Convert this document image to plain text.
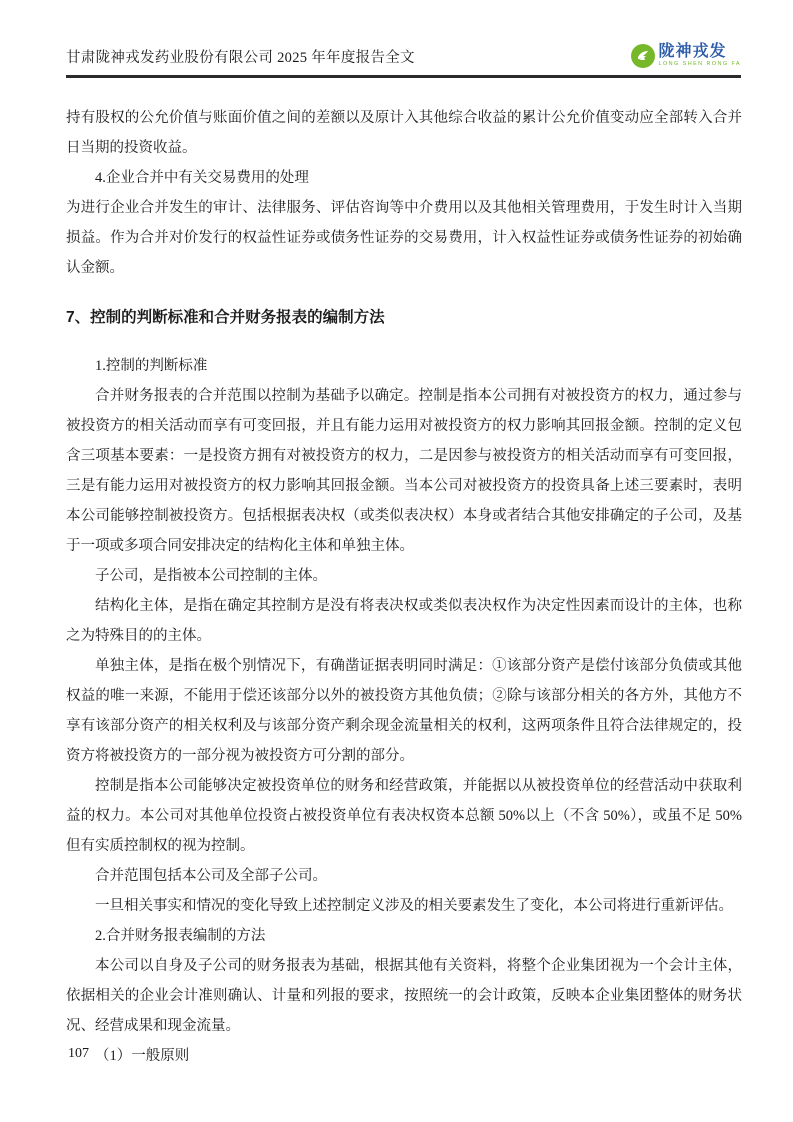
甘肃陇神戎发药业股份有限公司 2025 年年度报告全文	陇神戎发
LONG SHEN RONG FA

持有股权的公允价值与账面价值之间的差额以及原计入其他综合收益的累计公允价值变动应全部转入合并日当期的投资收益。

4.企业合并中有关交易费用的处理

为进行企业合并发生的审计、法律服务、评估咨询等中介费用以及其他相关管理费用，于发生时计入当期损益。作为合并对价发行的权益性证券或债务性证券的交易费用，计入权益性证券或债务性证券的初始确认金额。

7、控制的判断标准和合并财务报表的编制方法

1.控制的判断标准

合并财务报表的合并范围以控制为基础予以确定。控制是指本公司拥有对被投资方的权力，通过参与被投资方的相关活动而享有可变回报，并且有能力运用对被投资方的权力影响其回报金额。控制的定义包含三项基本要素：一是投资方拥有对被投资方的权力，二是因参与被投资方的相关活动而享有可变回报，三是有能力运用对被投资方的权力影响其回报金额。当本公司对被投资方的投资具备上述三要素时，表明本公司能够控制被投资方。包括根据表决权（或类似表决权）本身或者结合其他安排确定的子公司，及基于一项或多项合同安排决定的结构化主体和单独主体。

子公司，是指被本公司控制的主体。

结构化主体，是指在确定其控制方是没有将表决权或类似表决权作为决定性因素而设计的主体，也称之为特殊目的的主体。

单独主体，是指在极个别情况下，有确凿证据表明同时满足：①该部分资产是偿付该部分负债或其他权益的唯一来源，不能用于偿还该部分以外的被投资方其他负债；②除与该部分相关的各方外，其他方不享有该部分资产的相关权利及与该部分资产剩余现金流量相关的权利，这两项条件且符合法律规定的，投资方将被投资方的一部分视为被投资方可分割的部分。

控制是指本公司能够决定被投资单位的财务和经营政策，并能据以从被投资单位的经营活动中获取利益的权力。本公司对其他单位投资占被投资单位有表决权资本总额 50%以上（不含 50%），或虽不足 50%但有实质控制权的视为控制。

合并范围包括本公司及全部子公司。

一旦相关事实和情况的变化导致上述控制定义涉及的相关要素发生了变化，本公司将进行重新评估。

2.合并财务报表编制的方法

本公司以自身及子公司的财务报表为基础，根据其他有关资料，将整个企业集团视为一个会计主体，依据相关的企业会计准则确认、计量和列报的要求，按照统一的会计政策，反映本企业集团整体的财务状况、经营成果和现金流量。

（1）一般原则

107
